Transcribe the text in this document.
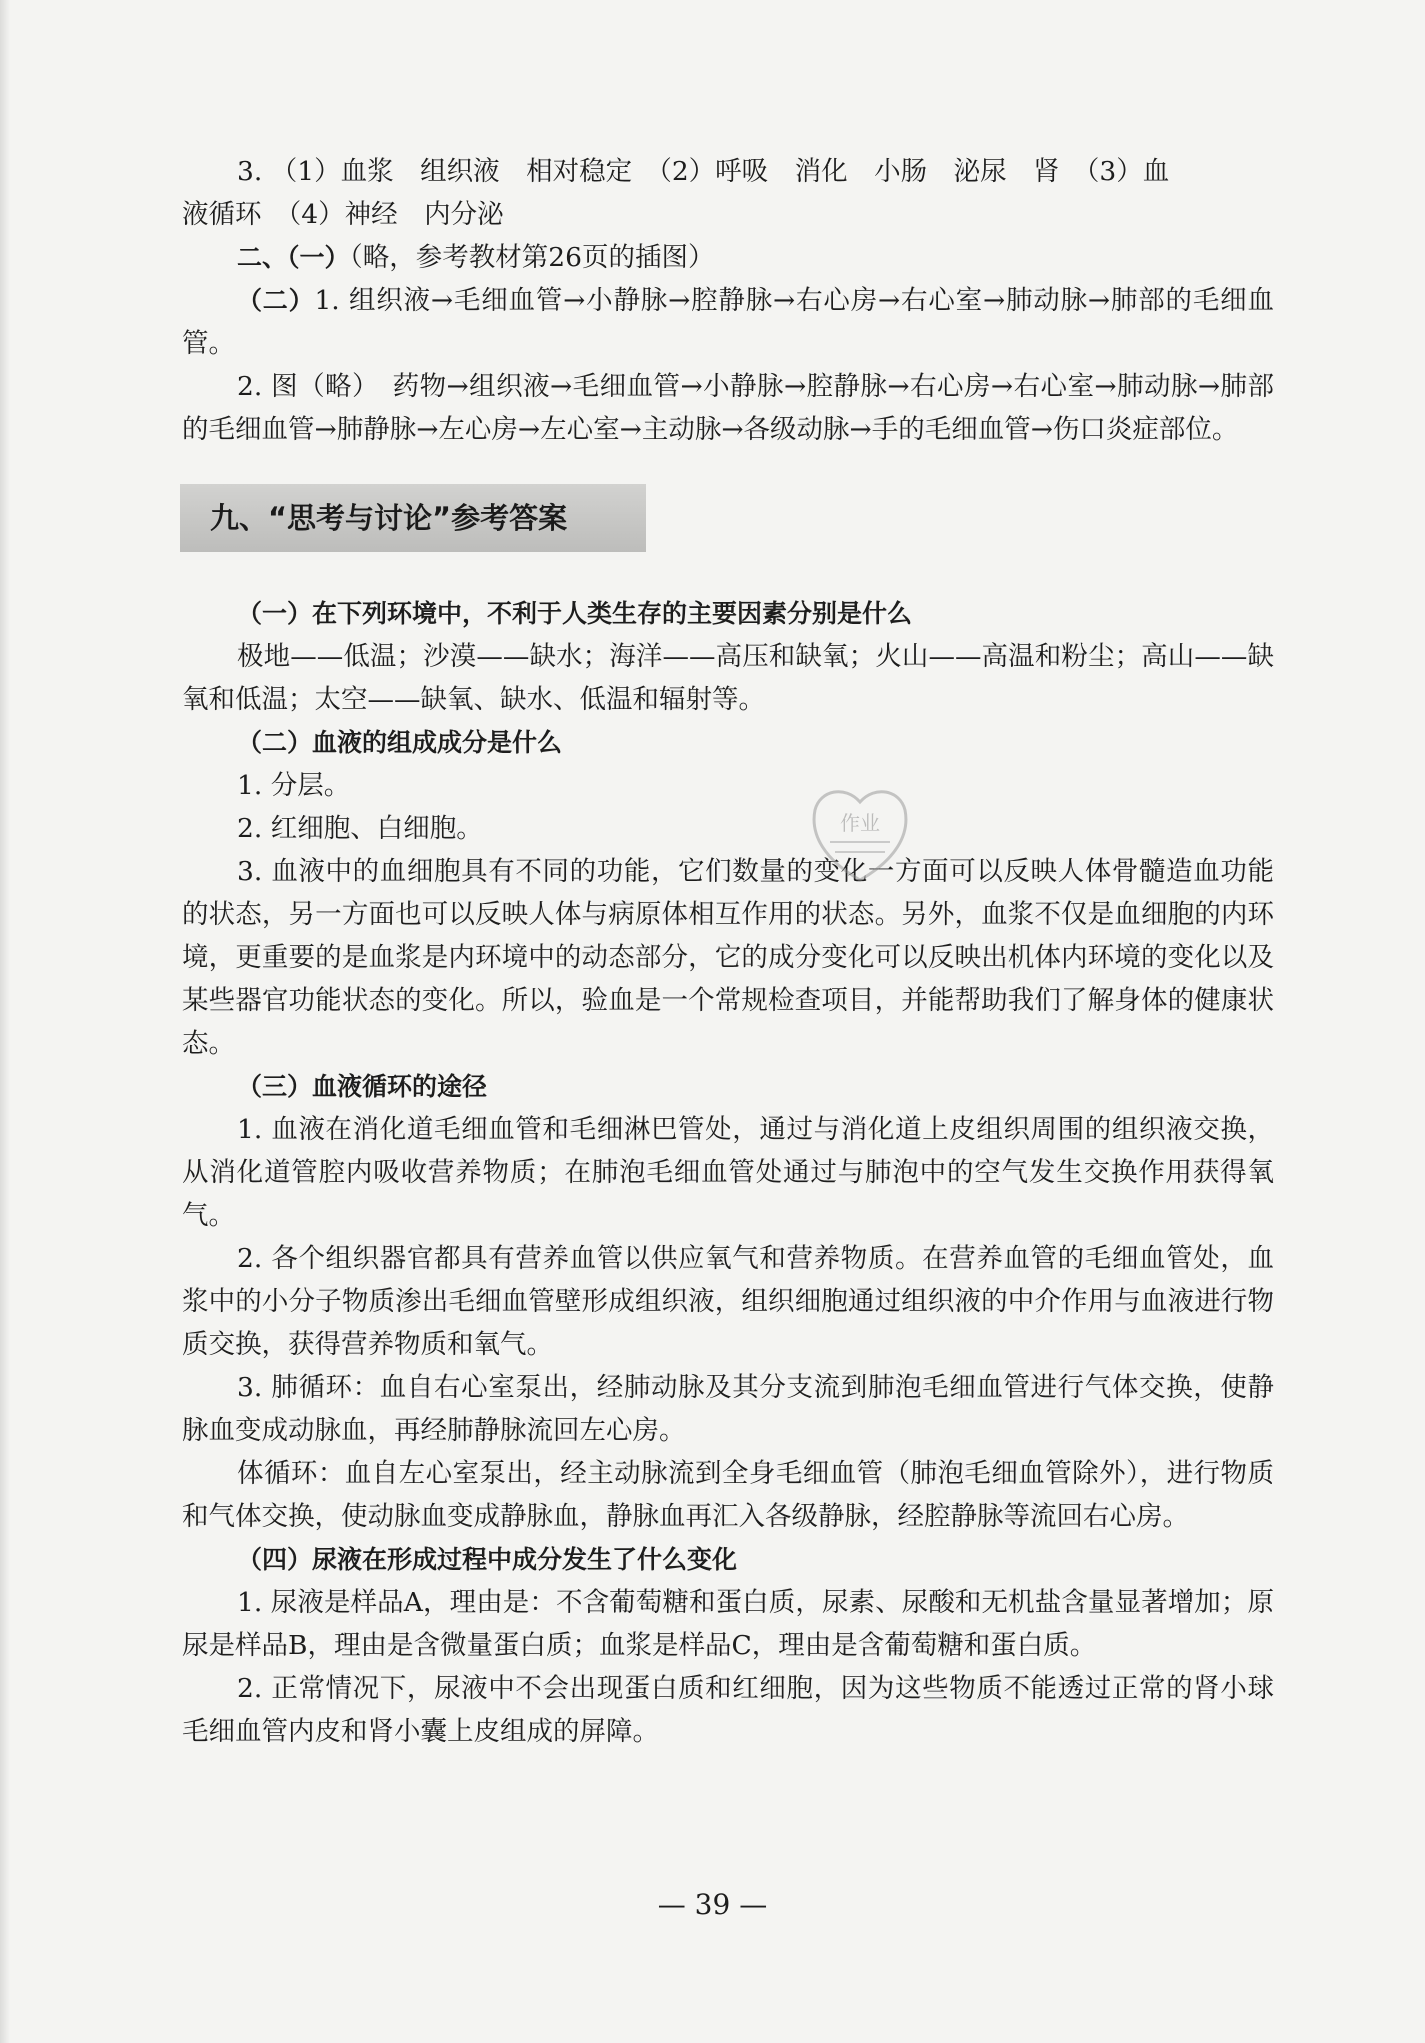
3. （1）血浆　组织液　相对稳定　（2）呼吸　消化　小肠　泌尿　肾　（3）血

液循环　（4）神经　内分泌

二、（一）（略，参考教材第26页的插图）

（二）1. 组织液→毛细血管→小静脉→腔静脉→右心房→右心室→肺动脉→肺部的毛细血管。

2. 图（略）　药物→组织液→毛细血管→小静脉→腔静脉→右心房→右心室→肺动脉→肺部的毛细血管→肺静脉→左心房→左心室→主动脉→各级动脉→手的毛细血管→伤口炎症部位。

九、“思考与讨论”参考答案

（一）在下列环境中，不利于人类生存的主要因素分别是什么

极地——低温；沙漠——缺水；海洋——高压和缺氧；火山——高温和粉尘；高山——缺氧和低温；太空——缺氧、缺水、低温和辐射等。

（二）血液的组成成分是什么

1. 分层。

2. 红细胞、白细胞。

3. 血液中的血细胞具有不同的功能，它们数量的变化一方面可以反映人体骨髓造血功能的状态，另一方面也可以反映人体与病原体相互作用的状态。另外，血浆不仅是血细胞的内环境，更重要的是血浆是内环境中的动态部分，它的成分变化可以反映出机体内环境的变化以及某些器官功能状态的变化。所以，验血是一个常规检查项目，并能帮助我们了解身体的健康状态。

（三）血液循环的途径

1. 血液在消化道毛细血管和毛细淋巴管处，通过与消化道上皮组织周围的组织液交换，从消化道管腔内吸收营养物质；在肺泡毛细血管处通过与肺泡中的空气发生交换作用获得氧气。

2. 各个组织器官都具有营养血管以供应氧气和营养物质。在营养血管的毛细血管处，血浆中的小分子物质渗出毛细血管壁形成组织液，组织细胞通过组织液的中介作用与血液进行物质交换，获得营养物质和氧气。

3. 肺循环：血自右心室泵出，经肺动脉及其分支流到肺泡毛细血管进行气体交换，使静脉血变成动脉血，再经肺静脉流回左心房。

体循环：血自左心室泵出，经主动脉流到全身毛细血管（肺泡毛细血管除外），进行物质和气体交换，使动脉血变成静脉血，静脉血再汇入各级静脉，经腔静脉等流回右心房。

（四）尿液在形成过程中成分发生了什么变化

1. 尿液是样品A，理由是：不含葡萄糖和蛋白质，尿素、尿酸和无机盐含量显著增加；原尿是样品B，理由是含微量蛋白质；血浆是样品C，理由是含葡萄糖和蛋白质。

2. 正常情况下，尿液中不会出现蛋白质和红细胞，因为这些物质不能透过正常的肾小球毛细血管内皮和肾小囊上皮组成的屏障。

作业
— 39 —
